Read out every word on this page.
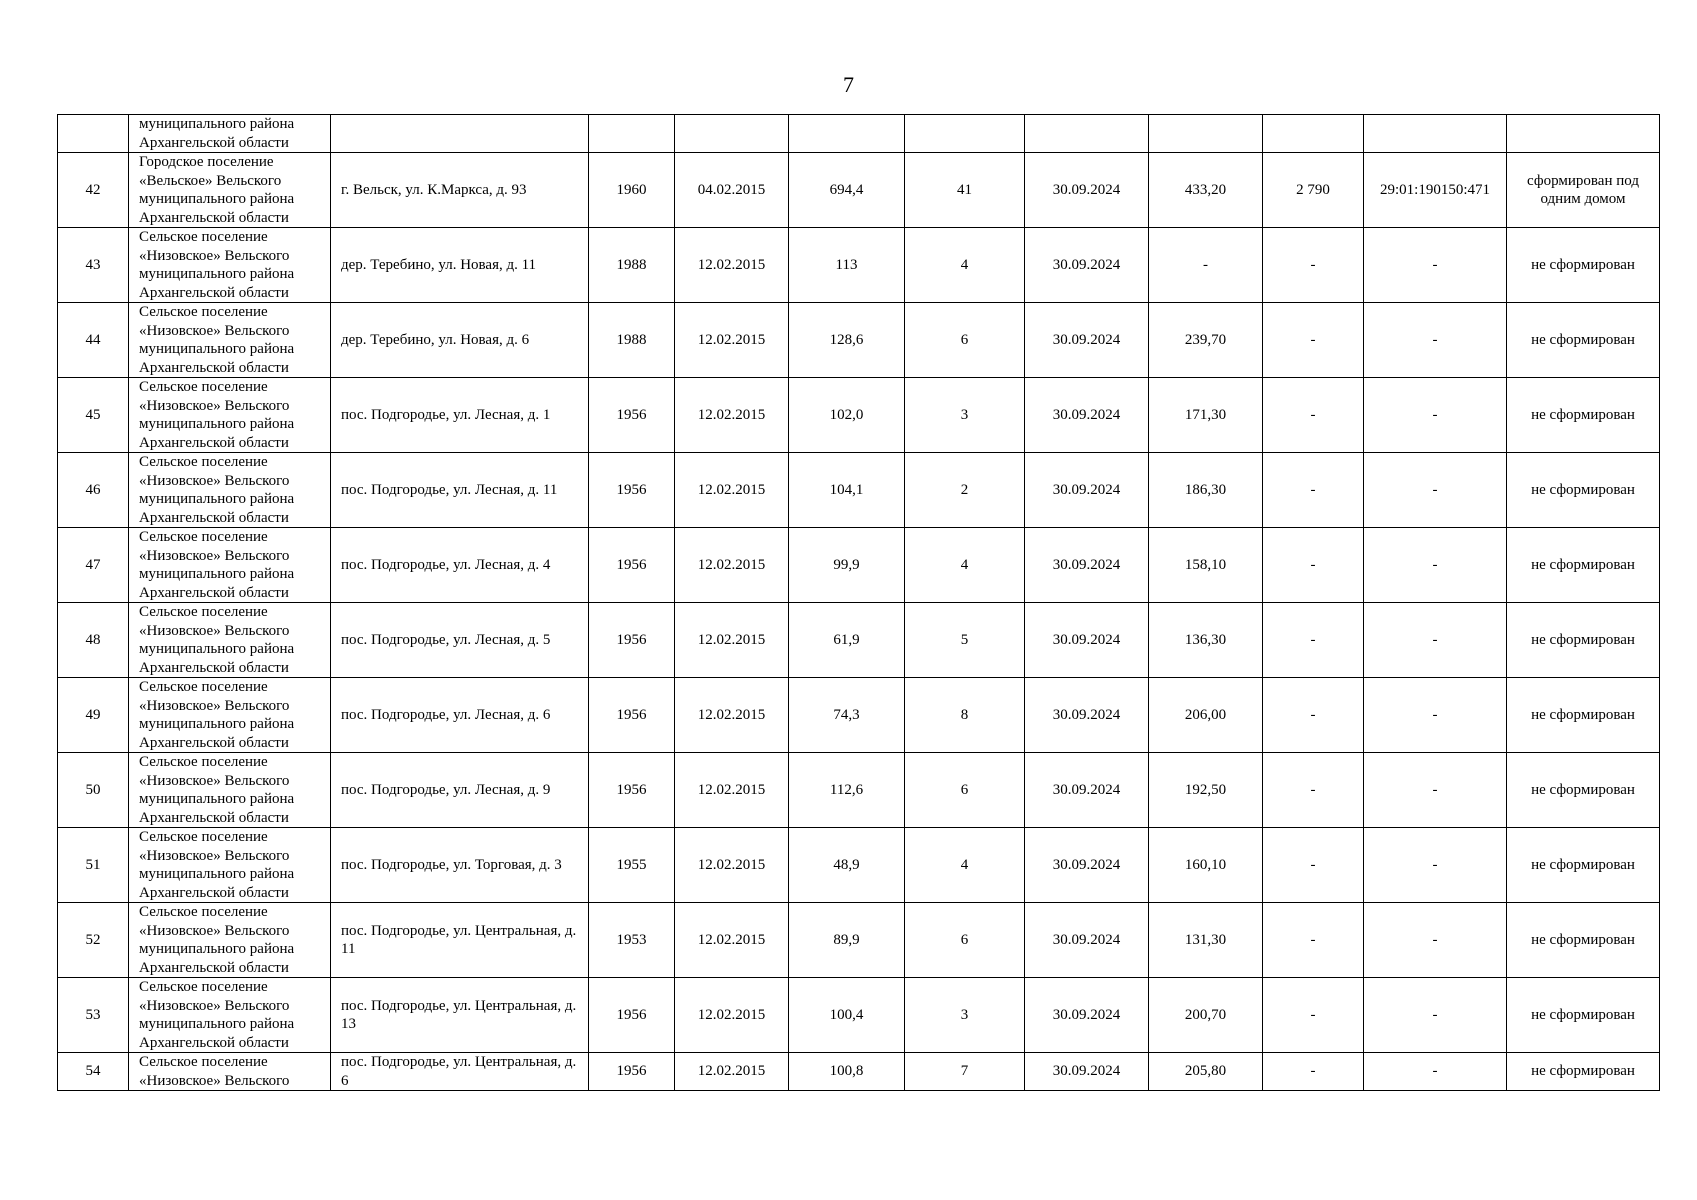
7

	муниципального района
Архангельской области										

42	Городское поселение
«Вельское» Вельского
муниципального района
Архангельской области	г. Вельск, ул. К.Маркса, д. 93	1960	04.02.2015	694,4	41	30.09.2024	433,20	2 790	29:01:190150:471	сформирован под одним домом
43	Сельское поселение
«Низовское» Вельского
муниципального района
Архангельской области	дер. Теребино, ул. Новая, д. 11	1988	12.02.2015	113	4	30.09.2024	-	-	-	не сформирован
44	Сельское поселение
«Низовское» Вельского
муниципального района
Архангельской области	дер. Теребино, ул. Новая, д. 6	1988	12.02.2015	128,6	6	30.09.2024	239,70	-	-	не сформирован
45	Сельское поселение
«Низовское» Вельского
муниципального района
Архангельской области	пос. Подгородье, ул. Лесная, д. 1	1956	12.02.2015	102,0	3	30.09.2024	171,30	-	-	не сформирован
46	Сельское поселение
«Низовское» Вельского
муниципального района
Архангельской области	пос. Подгородье, ул. Лесная, д. 11	1956	12.02.2015	104,1	2	30.09.2024	186,30	-	-	не сформирован
47	Сельское поселение
«Низовское» Вельского
муниципального района
Архангельской области	пос. Подгородье, ул. Лесная, д. 4	1956	12.02.2015	99,9	4	30.09.2024	158,10	-	-	не сформирован
48	Сельское поселение
«Низовское» Вельского
муниципального района
Архангельской области	пос. Подгородье, ул. Лесная, д. 5	1956	12.02.2015	61,9	5	30.09.2024	136,30	-	-	не сформирован
49	Сельское поселение
«Низовское» Вельского
муниципального района
Архангельской области	пос. Подгородье, ул. Лесная, д. 6	1956	12.02.2015	74,3	8	30.09.2024	206,00	-	-	не сформирован
50	Сельское поселение
«Низовское» Вельского
муниципального района
Архангельской области	пос. Подгородье, ул. Лесная, д. 9	1956	12.02.2015	112,6	6	30.09.2024	192,50	-	-	не сформирован
51	Сельское поселение
«Низовское» Вельского
муниципального района
Архангельской области	пос. Подгородье, ул. Торговая, д. 3	1955	12.02.2015	48,9	4	30.09.2024	160,10	-	-	не сформирован
52	Сельское поселение
«Низовское» Вельского
муниципального района
Архангельской области	пос. Подгородье, ул. Центральная, д. 11	1953	12.02.2015	89,9	6	30.09.2024	131,30	-	-	не сформирован
53	Сельское поселение
«Низовское» Вельского
муниципального района
Архангельской области	пос. Подгородье, ул. Центральная, д. 13	1956	12.02.2015	100,4	3	30.09.2024	200,70	-	-	не сформирован
54	Сельское поселение
«Низовское» Вельского	пос. Подгородье, ул. Центральная, д. 6	1956	12.02.2015	100,8	7	30.09.2024	205,80	-	-	не сформирован
